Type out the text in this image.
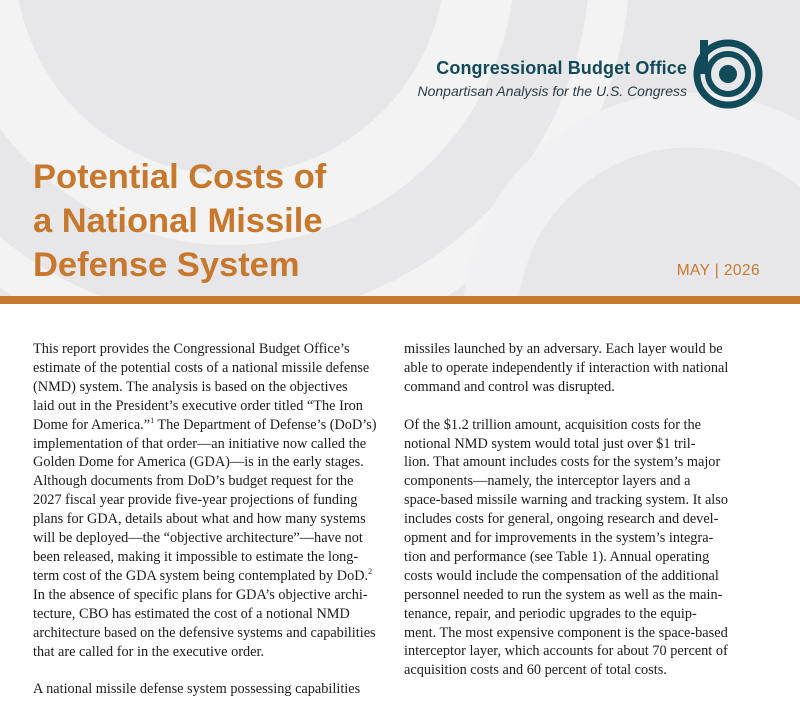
Congressional Budget Office
Nonpartisan Analysis for the U.S. Congress
Potential Costs of
a National Missile
Defense System	MAY | 2026
This report provides the Congressional Budget Office’s
estimate of the potential costs of a national missile defense
(NMD) system. The analysis is based on the objectives
laid out in the President’s executive order titled “The Iron
Dome for America.”$^1$ The Department of Defense’s (DoD’s)
implementation of that order—an initiative now called the
Golden Dome for America (GDA)—is in the early stages.
Although documents from DoD’s budget request for the
2027 fiscal year provide five-year projections of funding
plans for GDA, details about what and how many systems
will be deployed—the “objective architecture”—have not
been released, making it impossible to estimate the long-
term cost of the GDA system being contemplated by DoD.$^2$
In the absence of specific plans for GDA’s objective archi-
tecture, CBO has estimated the cost of a notional NMD
architecture based on the defensive systems and capabilities
that are called for in the executive order.
A national missile defense system possessing capabilities
missiles launched by an adversary. Each layer would be
able to operate independently if interaction with national
command and control was disrupted.
Of the $1.2 trillion amount, acquisition costs for the
notional NMD system would total just over $1 tril-
lion. That amount includes costs for the system’s major
components—namely, the interceptor layers and a
space-based missile warning and tracking system. It also
includes costs for general, ongoing research and devel-
opment and for improvements in the system’s integra-
tion and performance (see Table 1). Annual operating
costs would include the compensation of the additional
personnel needed to run the system as well as the main-
tenance, repair, and periodic upgrades to the equip-
ment. The most expensive component is the space-based
interceptor layer, which accounts for about 70 percent of
acquisition costs and 60 percent of total costs.
